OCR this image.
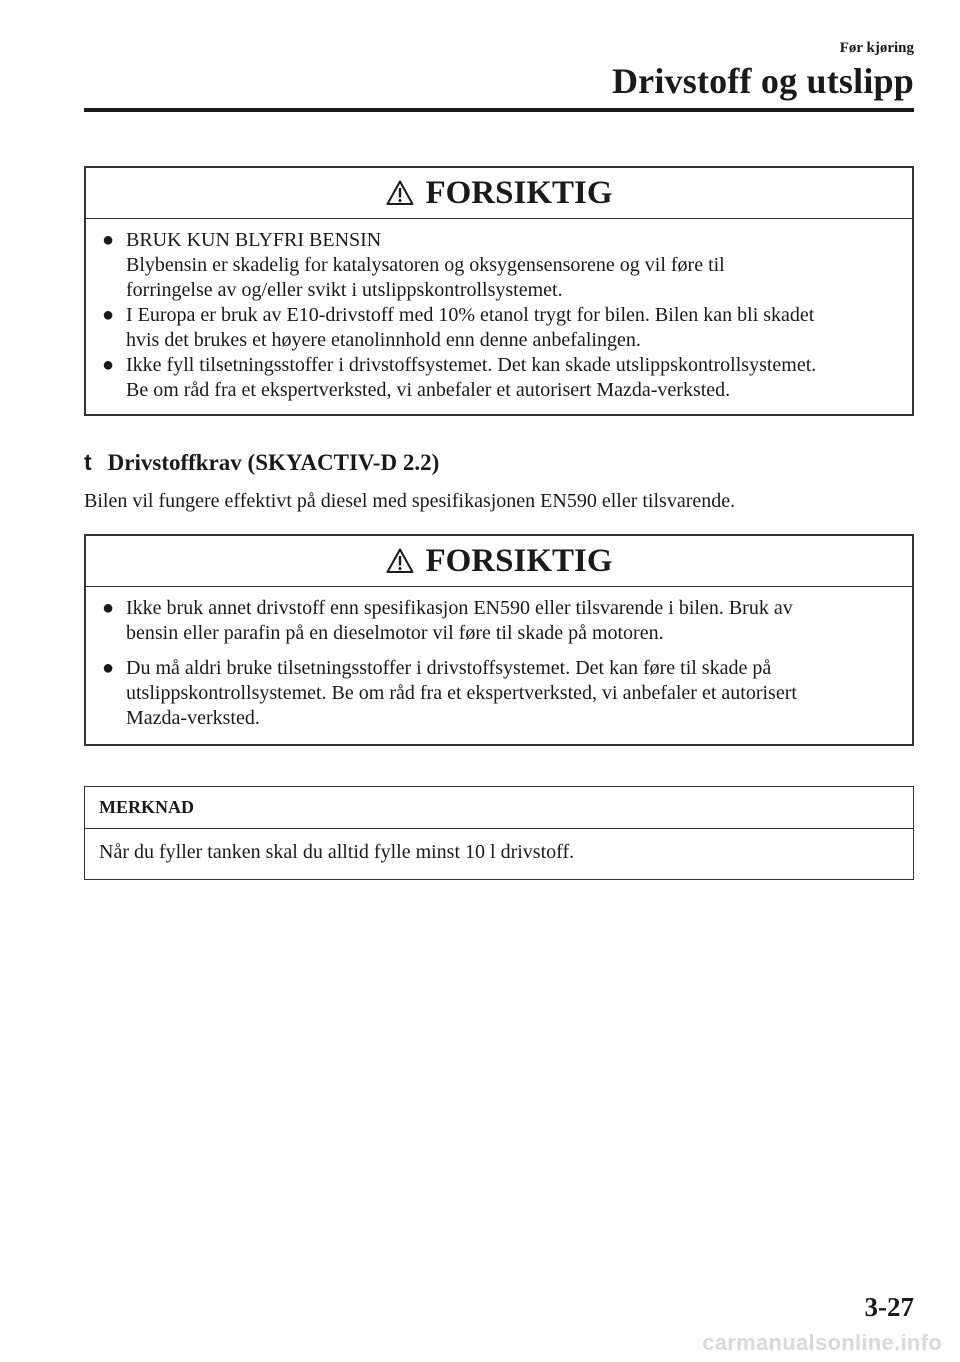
Før kjøring
Drivstoff og utslipp
FORSIKTIG
● BRUK KUN BLYFRI BENSIN
Blybensin er skadelig for katalysatoren og oksygensensorene og vil føre til
forringelse av og/eller svikt i utslippskontrollsystemet.
● I Europa er bruk av E10-drivstoff med 10% etanol trygt for bilen. Bilen kan bli skadet
hvis det brukes et høyere etanolinnhold enn denne anbefalingen.
● Ikke fyll tilsetningsstoffer i drivstoffsystemet. Det kan skade utslippskontrollsystemet.
Be om råd fra et ekspertverksted, vi anbefaler et autorisert Mazda-verksted.
t Drivstoffkrav (SKYACTIV-D 2.2)
Bilen vil fungere effektivt på diesel med spesifikasjonen EN590 eller tilsvarende.
FORSIKTIG
● Ikke bruk annet drivstoff enn spesifikasjon EN590 eller tilsvarende i bilen. Bruk av
bensin eller parafin på en dieselmotor vil føre til skade på motoren.
● Du må aldri bruke tilsetningsstoffer i drivstoffsystemet. Det kan føre til skade på
utslippskontrollsystemet. Be om råd fra et ekspertverksted, vi anbefaler et autorisert
Mazda-verksted.
MERKNAD
Når du fyller tanken skal du alltid fylle minst 10 l drivstoff.
3-27
carmanualsonline.info
